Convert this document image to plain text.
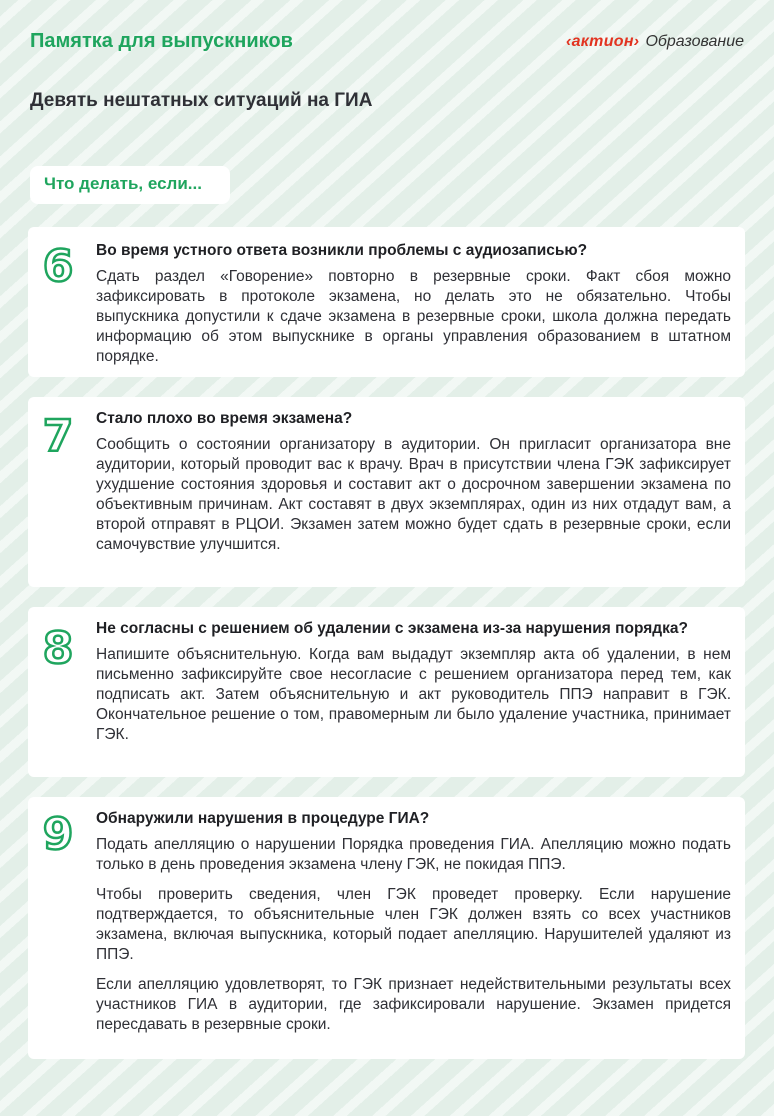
Памятка для выпускников	‹актион› Образование
Девять нештатных ситуаций на ГИА
Что делать, если...
6	Во время устного ответа возникли проблемы с аудиозаписью?

Сдать раздел «Говорение» повторно в резервные сроки. Факт сбоя можно зафиксировать в протоколе экзамена, но делать это не обязательно. Чтобы выпускника допустили к сдаче экзамена в резервные сроки, школа должна передать информацию об этом выпускнике в органы управления образованием в штатном порядке.

7	Стало плохо во время экзамена?

Сообщить о состоянии организатору в аудитории. Он пригласит организатора вне аудитории, который проводит вас к врачу. Врач в присутствии члена ГЭК зафиксирует ухудшение состояния здоровья и составит акт о досрочном завершении экзамена по объективным причинам. Акт составят в двух экземплярах, один из них отдадут вам, а второй отправят в РЦОИ. Экзамен затем можно будет сдать в резервные сроки, если самочувствие улучшится.

8	Не согласны с решением об удалении с экзамена из-за нарушения порядка?

Напишите объяснительную. Когда вам выдадут экземпляр акта об удалении, в нем письменно зафиксируйте свое несогласие с решением организатора перед тем, как подписать акт. Затем объяснительную и акт руководитель ППЭ направит в ГЭК. Окончательное решение о том, правомерным ли было удаление участника, принимает ГЭК.

9	Обнаружили нарушения в процедуре ГИА?

Подать апелляцию о нарушении Порядка проведения ГИА. Апелляцию можно подать только в день проведения экзамена члену ГЭК, не покидая ППЭ.

Чтобы проверить сведения, член ГЭК проведет проверку. Если нарушение подтверждается, то объяснительные член ГЭК должен взять со всех участников экзамена, включая выпускника, который подает апелляцию. Нарушителей удаляют из ППЭ.

Если апелляцию удовлетворят, то ГЭК признает недействительными результаты всех участников ГИА в аудитории, где зафиксировали нарушение. Экзамен придется пересдавать в резервные сроки.
